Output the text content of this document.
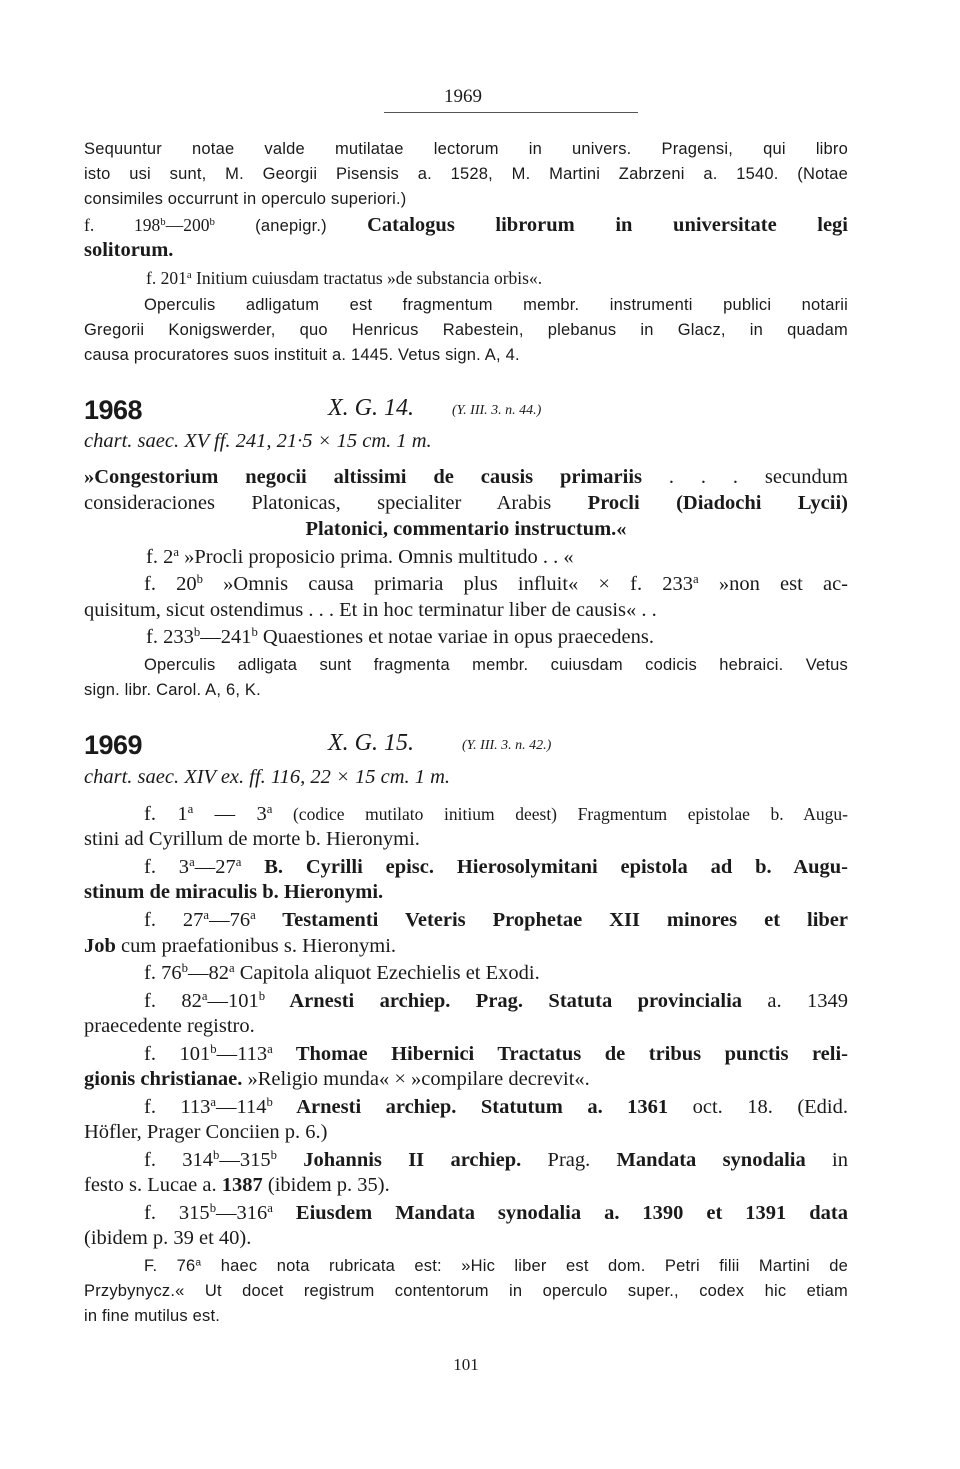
1969
Sequuntur notae valde mutilatae lectorum in univers. Pragensi, qui libro
isto usi sunt, M. Georgii Pisensis a. 1528, M. Martini Zabrzeni a. 1540. (Notae
consimiles occurrunt in operculo superiori.)
f. 198$^b$—200$^b$ (anepigr.) Catalogus librorum in universitate legi
solitorum.
f. 201$^a$ Initium cuiusdam tractatus »de substancia orbis«.
Operculis adligatum est fragmentum membr. instrumenti publici notarii
Gregorii Konigswerder, quo Henricus Rabestein, plebanus in Glacz, in quadam
causa procuratores suos instituit a. 1445. Vetus sign. A, 4.
1968	X. G. 14.	(Y. III. 3. n. 44.)
chart. saec. XV ff. 241, 21·5 × 15 cm. 1 m.
»Congestorium negocii altissimi de causis primariis . . . secundum
consideraciones Platonicas, specialiter Arabis Procli (Diadochi Lycii)
Platonici, commentario instructum.«
f. 2$^a$ »Procli proposicio prima. Omnis multitudo . . «
f. 20$^b$ »Omnis causa primaria plus influit« × f. 233$^a$ »non est ac-
quisitum, sicut ostendimus . . . Et in hoc terminatur liber de causis« . .
f. 233$^b$—241$^b$ Quaestiones et notae variae in opus praecedens.
Operculis adligata sunt fragmenta membr. cuiusdam codicis hebraici. Vetus
sign. libr. Carol. A, 6, K.
1969	X. G. 15.	(Y. III. 3. n. 42.)
chart. saec. XIV ex. ff. 116, 22 × 15 cm. 1 m.
f. 1$^a$ — 3$^a$ (codice mutilato initium deest) Fragmentum epistolae b. Augu-
stini ad Cyrillum de morte b. Hieronymi.
f. 3$^a$—27$^a$ B. Cyrilli episc. Hierosolymitani epistola ad b. Augu-
stinum de miraculis b. Hieronymi.
f. 27$^a$—76$^a$ Testamenti Veteris Prophetae XII minores et liber
Job cum praefationibus s. Hieronymi.
f. 76$^b$—82$^a$ Capitola aliquot Ezechielis et Exodi.
f. 82$^a$—101$^b$ Arnesti archiep. Prag. Statuta provincialia a. 1349
praecedente registro.
f. 101$^b$—113$^a$ Thomae Hibernici Tractatus de tribus punctis reli-
gionis christianae. »Religio munda« × »compilare decrevit«.
f. 113$^a$—114$^b$ Arnesti archiep. Statutum a. 1361 oct. 18. (Edid.
Höfler, Prager Conciien p. 6.)
f. 314$^b$—315$^b$ Johannis II archiep. Prag. Mandata synodalia in
festo s. Lucae a. 1387 (ibidem p. 35).
f. 315$^b$—316$^a$ Eiusdem Mandata synodalia a. 1390 et 1391 data
(ibidem p. 39 et 40).
F. 76$^a$ haec nota rubricata est: »Hic liber est dom. Petri filii Martini de
Przybynycz.« Ut docet registrum contentorum in operculo super., codex hic etiam
in fine mutilus est.
101
